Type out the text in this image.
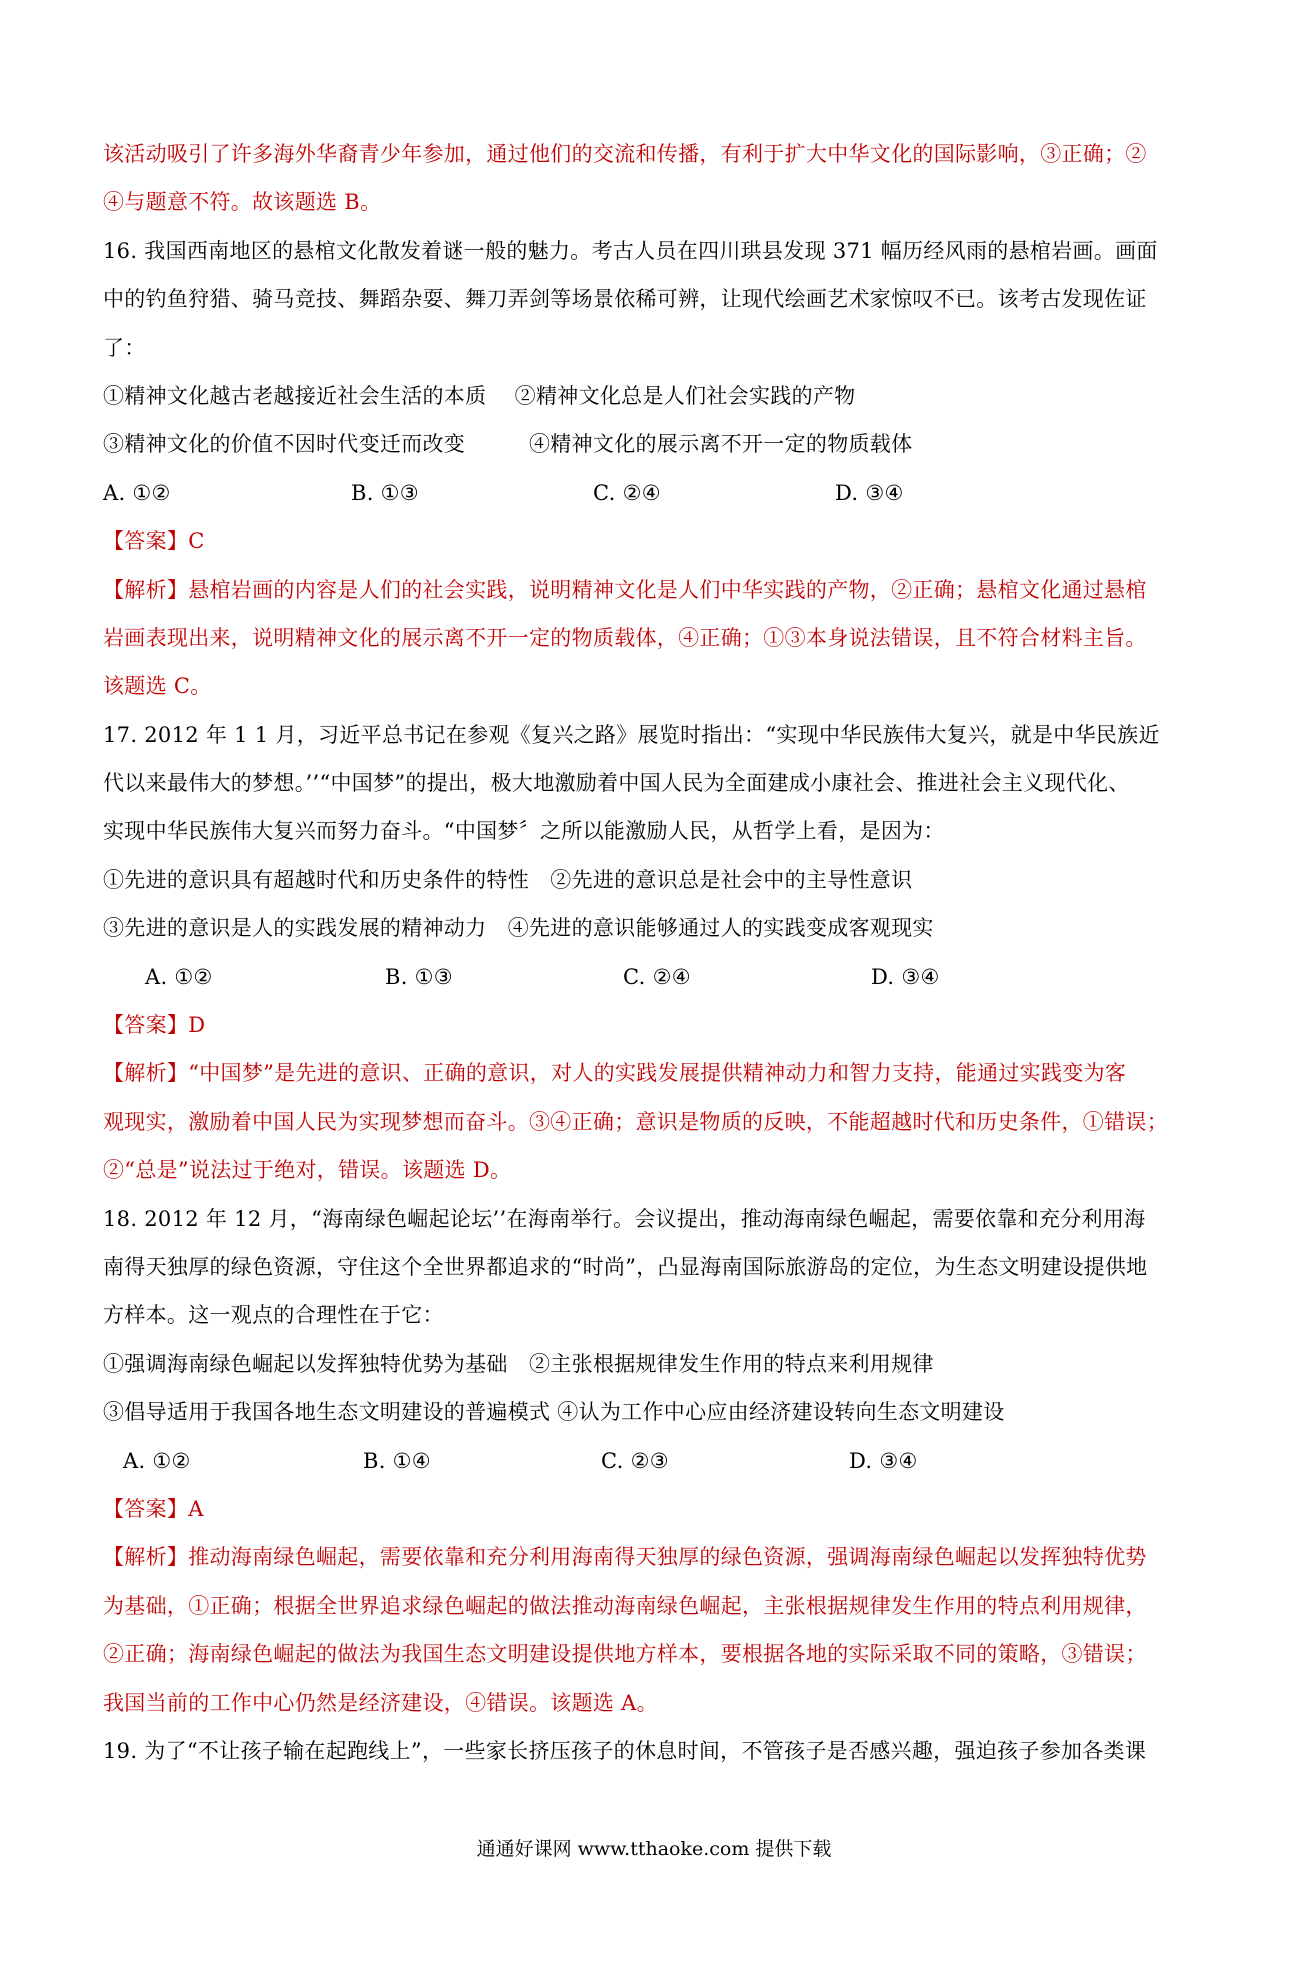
该活动吸引了许多海外华裔青少年参加，通过他们的交流和传播，有利于扩大中华文化的国际影响，③正确；②
④与题意不符。故该题选 B。
16. 我国西南地区的悬棺文化散发着谜一般的魅力。考古人员在四川珙县发现 371 幅历经风雨的悬棺岩画。画面
中的钓鱼狩猎、骑马竞技、舞蹈杂耍、舞刀弄剑等场景依稀可辨，让现代绘画艺术家惊叹不已。该考古发现佐证
了：
①精神文化越古老越接近社会生活的本质　 ②精神文化总是人们社会实践的产物
③精神文化的价值不因时代变迁而改变　　　④精神文化的展示离不开一定的物质载体
A. ①②	B. ①③	C. ②④	D. ③④
【答案】C
【解析】悬棺岩画的内容是人们的社会实践，说明精神文化是人们中华实践的产物，②正确；悬棺文化通过悬棺
岩画表现出来，说明精神文化的展示离不开一定的物质载体，④正确；①③本身说法错误，且不符合材料主旨。
该题选 C。
17. 2012 年 1 1 月，习近平总书记在参观《复兴之路》展览时指出：“实现中华民族伟大复兴，就是中华民族近
代以来最伟大的梦想。’’“中国梦”的提出，极大地激励着中国人民为全面建成小康社会、推进社会主义现代化、
实现中华民族伟大复兴而努力奋斗。“中国梦〞之所以能激励人民，从哲学上看，是因为：
①先进的意识具有超越时代和历史条件的特性　②先进的意识总是社会中的主导性意识
③先进的意识是人的实践发展的精神动力　④先进的意识能够通过人的实践变成客观现实
A. ①②	B. ①③	C. ②④	D. ③④
【答案】D
【解析】“中国梦”是先进的意识、正确的意识，对人的实践发展提供精神动力和智力支持，能通过实践变为客
观现实，激励着中国人民为实现梦想而奋斗。③④正确；意识是物质的反映，不能超越时代和历史条件，①错误；
②“总是”说法过于绝对，错误。该题选 D。
18. 2012 年 12 月，“海南绿色崛起论坛’’在海南举行。会议提出，推动海南绿色崛起，需要依靠和充分利用海
南得天独厚的绿色资源，守住这个全世界都追求的“时尚”，凸显海南国际旅游岛的定位，为生态文明建设提供地
方样本。这一观点的合理性在于它：
①强调海南绿色崛起以发挥独特优势为基础　②主张根据规律发生作用的特点来利用规律
③倡导适用于我国各地生态文明建设的普遍模式 ④认为工作中心应由经济建设转向生态文明建设
A. ①②	B. ①④	C. ②③	D. ③④
【答案】A
【解析】推动海南绿色崛起，需要依靠和充分利用海南得天独厚的绿色资源，强调海南绿色崛起以发挥独特优势
为基础，①正确；根据全世界追求绿色崛起的做法推动海南绿色崛起，主张根据规律发生作用的特点利用规律，
②正确；海南绿色崛起的做法为我国生态文明建设提供地方样本，要根据各地的实际采取不同的策略，③错误；
我国当前的工作中心仍然是经济建设，④错误。该题选 A。
19. 为了“不让孩子输在起跑线上”，一些家长挤压孩子的休息时间，不管孩子是否感兴趣，强迫孩子参加各类课
通通好课网 www.tthaoke.com 提供下载
